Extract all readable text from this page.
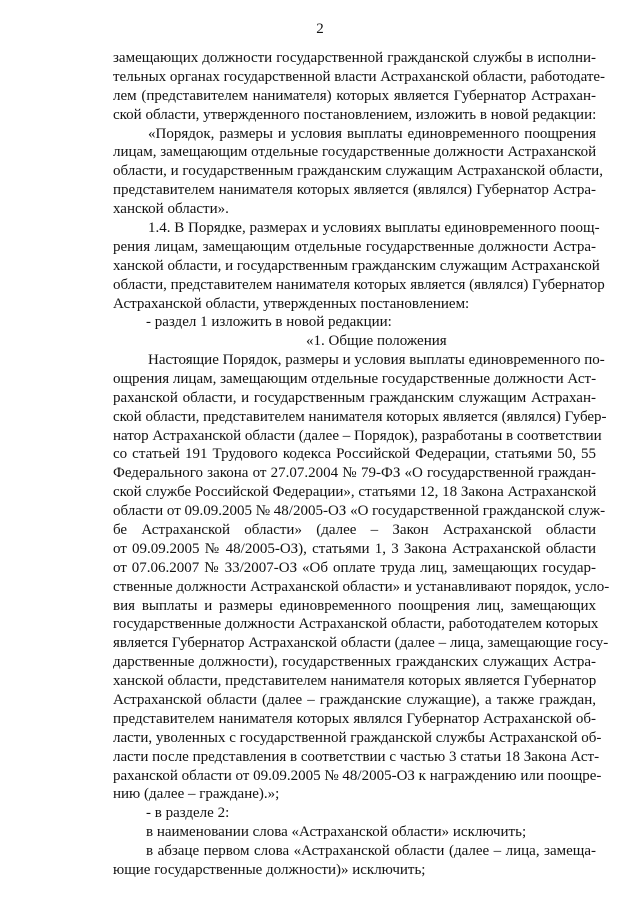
2
замещающих должности государственной гражданской службы в исполни-
тельных органах государственной власти Астраханской области, работодате-
лем (представителем нанимателя) которых является Губернатор Астрахан-
ской области, утвержденного постановлением, изложить в новой редакции:
«Порядок, размеры и условия выплаты единовременного поощрения
лицам, замещающим отдельные государственные должности Астраханской
области, и государственным гражданским служащим Астраханской области,
представителем нанимателя которых является (являлся) Губернатор Астра-
ханской области».
1.4. В Порядке, размерах и условиях выплаты единовременного поощ-
рения лицам, замещающим отдельные государственные должности Астра-
ханской области, и государственным гражданским служащим Астраханской
области, представителем нанимателя которых является (являлся) Губернатор
Астраханской области, утвержденных постановлением:
- раздел 1 изложить в новой редакции:
«1. Общие положения
Настоящие Порядок, размеры и условия выплаты единовременного по-
ощрения лицам, замещающим отдельные государственные должности Аст-
раханской области, и государственным гражданским служащим Астрахан-
ской области, представителем нанимателя которых является (являлся) Губер-
натор Астраханской области (далее – Порядок), разработаны в соответствии
со статьей 191 Трудового кодекса Российской Федерации, статьями 50, 55
Федерального закона от 27.07.2004 № 79-ФЗ «О государственной граждан-
ской службе Российской Федерации», статьями 12, 18 Закона Астраханской
области от 09.09.2005 № 48/2005-ОЗ «О государственной гражданской служ-
бе Астраханской области» (далее – Закон Астраханской области
от 09.09.2005 № 48/2005-ОЗ), статьями 1, 3 Закона Астраханской области
от 07.06.2007 № 33/2007-ОЗ «Об оплате труда лиц, замещающих государ-
ственные должности Астраханской области» и устанавливают порядок, усло-
вия выплаты и размеры единовременного поощрения лиц, замещающих
государственные должности Астраханской области, работодателем которых
является Губернатор Астраханской области (далее – лица, замещающие госу-
дарственные должности), государственных гражданских служащих Астра-
ханской области, представителем нанимателя которых является Губернатор
Астраханской области (далее – гражданские служащие), а также граждан,
представителем нанимателя которых являлся Губернатор Астраханской об-
ласти, уволенных с государственной гражданской службы Астраханской об-
ласти после представления в соответствии с частью 3 статьи 18 Закона Аст-
раханской области от 09.09.2005 № 48/2005-ОЗ к награждению или поощре-
нию (далее – граждане).»;
- в разделе 2:
в наименовании слова «Астраханской области» исключить;
в абзаце первом слова «Астраханской области (далее – лица, замеща-
ющие государственные должности)» исключить;
